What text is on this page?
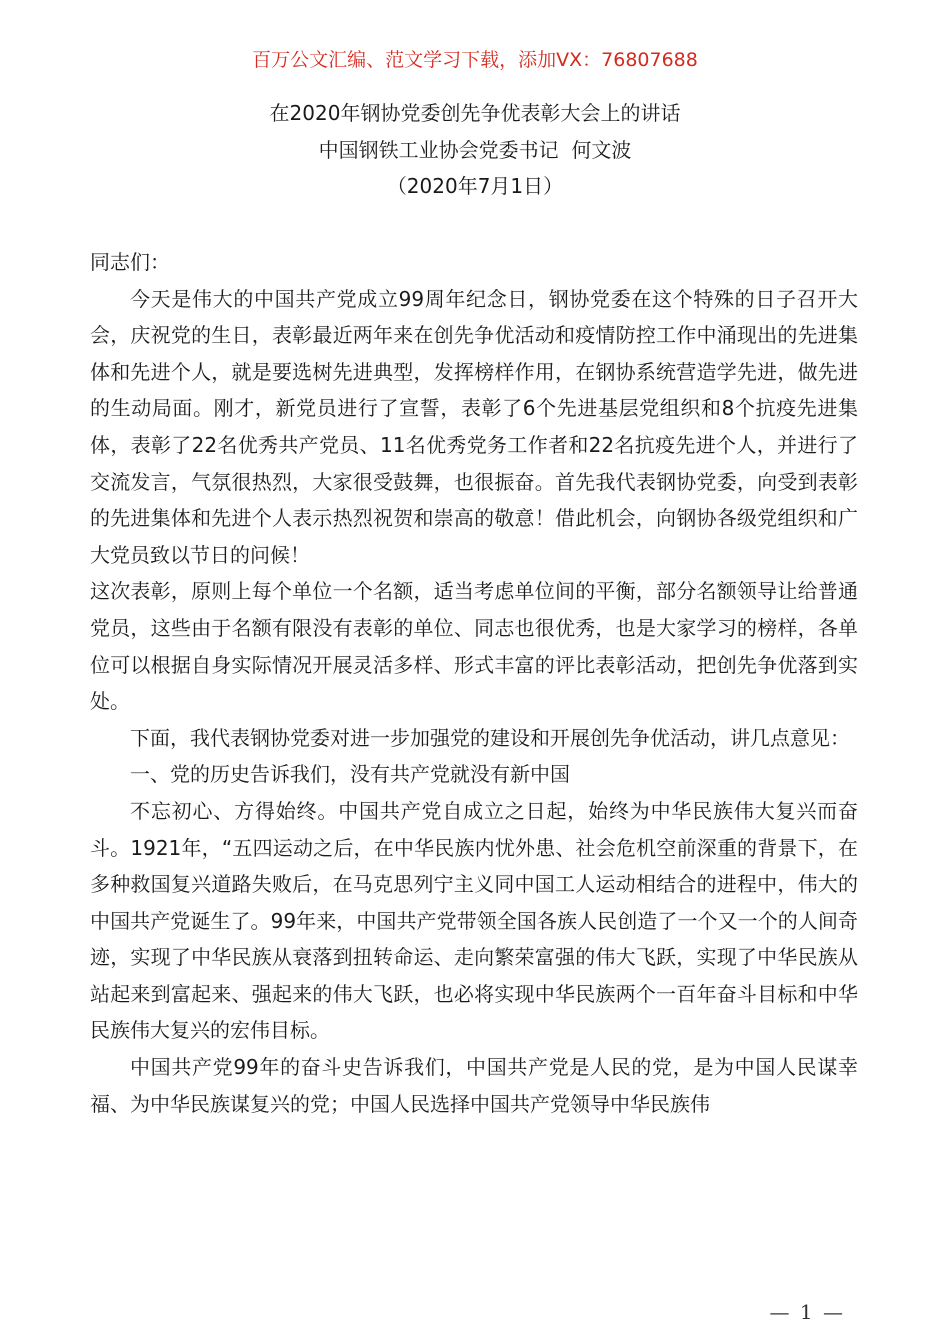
百万公文汇编、范文学习下载，添加VX：76807688
在2020年钢协党委创先争优表彰大会上的讲话
中国钢铁工业协会党委书记  何文波
（2020年7月1日）

同志们：

今天是伟大的中国共产党成立99周年纪念日，钢协党委在这个特殊的日子召开大会，庆祝党的生日，表彰最近两年来在创先争优活动和疫情防控工作中涌现出的先进集体和先进个人，就是要选树先进典型，发挥榜样作用，在钢协系统营造学先进，做先进的生动局面。刚才，新党员进行了宣誓，表彰了6个先进基层党组织和8个抗疫先进集体，表彰了22名优秀共产党员、11名优秀党务工作者和22名抗疫先进个人，并进行了交流发言，气氛很热烈，大家很受鼓舞，也很振奋。首先我代表钢协党委，向受到表彰的先进集体和先进个人表示热烈祝贺和崇高的敬意！借此机会，向钢协各级党组织和广大党员致以节日的问候！

这次表彰，原则上每个单位一个名额，适当考虑单位间的平衡，部分名额领导让给普通党员，这些由于名额有限没有表彰的单位、同志也很优秀，也是大家学习的榜样，各单位可以根据自身实际情况开展灵活多样、形式丰富的评比表彰活动，把创先争优落到实处。

下面，我代表钢协党委对进一步加强党的建设和开展创先争优活动，讲几点意见：

一、党的历史告诉我们，没有共产党就没有新中国

不忘初心、方得始终。中国共产党自成立之日起，始终为中华民族伟大复兴而奋斗。1921年，“五四运动之后，在中华民族内忧外患、社会危机空前深重的背景下，在多种救国复兴道路失败后，在马克思列宁主义同中国工人运动相结合的进程中，伟大的中国共产党诞生了。99年来，中国共产党带领全国各族人民创造了一个又一个的人间奇迹，实现了中华民族从衰落到扭转命运、走向繁荣富强的伟大飞跃，实现了中华民族从站起来到富起来、强起来的伟大飞跃，也必将实现中华民族两个一百年奋斗目标和中华民族伟大复兴的宏伟目标。

中国共产党99年的奋斗史告诉我们，中国共产党是人民的党，是为中国人民谋幸福、为中华民族谋复兴的党；中国人民选择中国共产党领导中华民族伟

— 1 —
